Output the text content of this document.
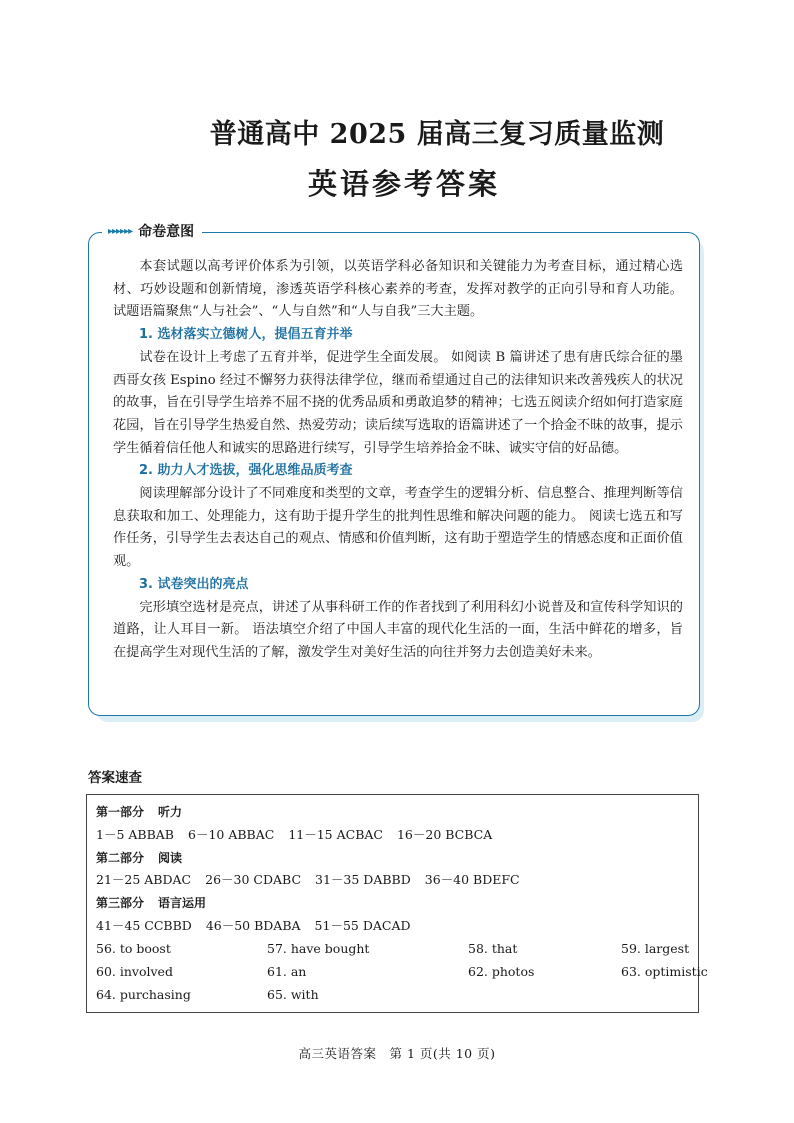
普通高中 2025 届高三复习质量监测
英语参考答案
▸▸▸▸▸▸ 命卷意图

本套试题以高考评价体系为引领，以英语学科必备知识和关键能力为考查目标，通过精心选材、巧妙设题和创新情境，渗透英语学科核心素养的考查，发挥对教学的正向引导和育人功能。 试题语篇聚焦“人与社会”、“人与自然”和“人与自我”三大主题。

1. 选材落实立德树人，提倡五育并举

试卷在设计上考虑了五育并举，促进学生全面发展。 如阅读 B 篇讲述了患有唐氏综合征的墨西哥女孩 Espino 经过不懈努力获得法律学位，继而希望通过自己的法律知识来改善残疾人的状况的故事，旨在引导学生培养不屈不挠的优秀品质和勇敢追梦的精神；七选五阅读介绍如何打造家庭花园，旨在引导学生热爱自然、热爱劳动；读后续写选取的语篇讲述了一个拾金不昧的故事，提示学生循着信任他人和诚实的思路进行续写，引导学生培养拾金不昧、诚实守信的好品德。

2. 助力人才选拔，强化思维品质考查

阅读理解部分设计了不同难度和类型的文章，考查学生的逻辑分析、信息整合、推理判断等信息获取和加工、处理能力，这有助于提升学生的批判性思维和解决问题的能力。 阅读七选五和写作任务，引导学生去表达自己的观点、情感和价值判断，这有助于塑造学生的情感态度和正面价值观。

3. 试卷突出的亮点

完形填空选材是亮点，讲述了从事科研工作的作者找到了利用科幻小说普及和宣传科学知识的道路，让人耳目一新。 语法填空介绍了中国人丰富的现代化生活的一面，生活中鲜花的增多，旨在提高学生对现代生活的了解，激发学生对美好生活的向往并努力去创造美好未来。

答案速查
第一部分 听力
1－5 ABBAB 6－10 ABBAC 11－15 ACBAC 16－20 BCBCA
第二部分 阅读
21－25 ABDAC 26－30 CDABC 31－35 DABBD 36－40 BDEFC
第三部分 语言运用
41－45 CCBBD 46－50 BDABA 51－55 DACAD
56. to boost	57. have bought	58. that	59. largest
60. involved	61. an	62. photos	63. optimistic
64. purchasing	65. with
高三英语答案　第 1 页(共 10 页)
